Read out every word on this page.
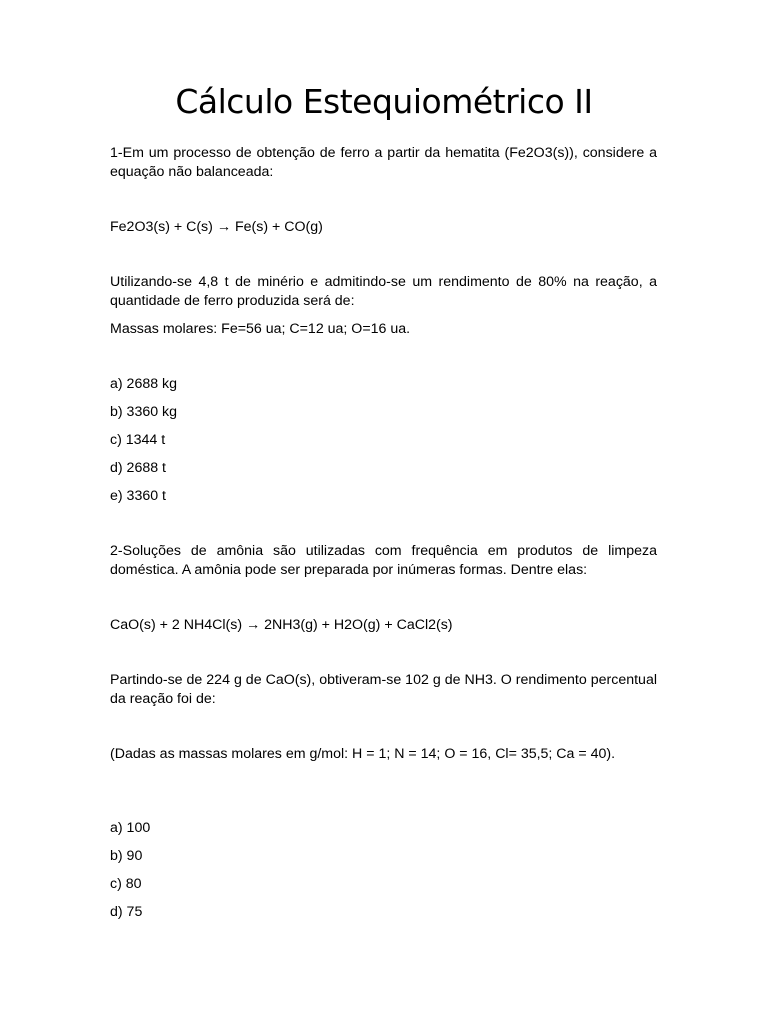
Cálculo Estequiométrico II

1-Em um processo de obtenção de ferro a partir da hematita (Fe2O3(s)), considere a equação não balanceada:

Fe2O3(s) + C(s) → Fe(s) + CO(g)

Utilizando-se 4,8 t de minério e admitindo-se um rendimento de 80% na reação, a quantidade de ferro produzida será de:

Massas molares: Fe=56 ua; C=12 ua; O=16 ua.

a) 2688 kg

b) 3360 kg

c) 1344 t

d) 2688 t

e) 3360 t

2-Soluções de amônia são utilizadas com frequência em produtos de limpeza doméstica. A amônia pode ser preparada por inúmeras formas. Dentre elas:

CaO(s) + 2 NH4Cl(s) → 2NH3(g) + H2O(g) + CaCl2(s)

Partindo-se de 224 g de CaO(s), obtiveram-se 102 g de NH3. O rendimento percentual da reação foi de:

(Dadas as massas molares em g/mol: H = 1; N = 14; O = 16, Cl= 35,5; Ca = 40).

a) 100

b) 90

c) 80

d) 75
